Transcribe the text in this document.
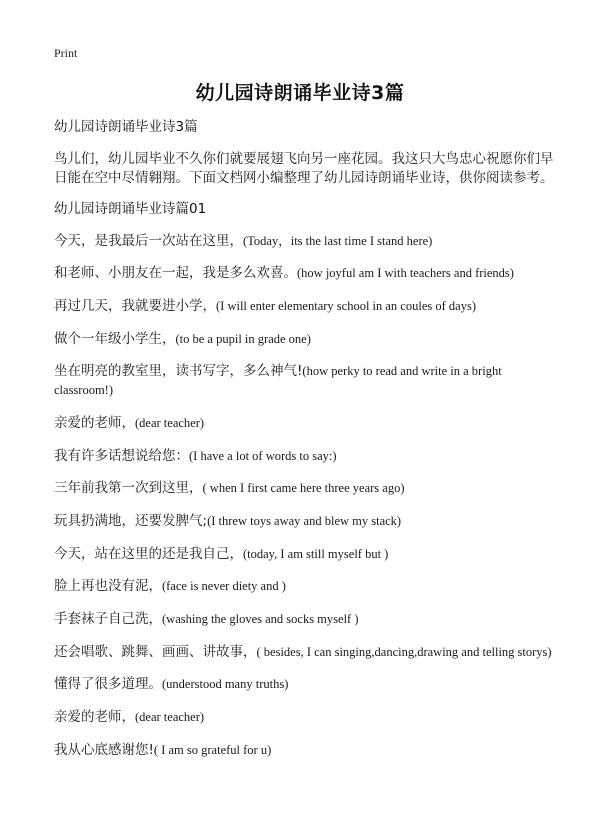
Print
幼儿园诗朗诵毕业诗3篇
幼儿园诗朗诵毕业诗3篇
鸟儿们，幼儿园毕业不久你们就要展翅飞向另一座花园。我这只大鸟忠心祝愿你们早日能在空中尽情翱翔。下面文档网小编整理了幼儿园诗朗诵毕业诗，供你阅读参考。
幼儿园诗朗诵毕业诗篇01
今天，是我最后一次站在这里，(Today，its the last time I stand here)
和老师、小朋友在一起，我是多么欢喜。(how joyful am I with teachers and friends)
再过几天，我就要进小学，(I will enter elementary school in an coules of days)
做个一年级小学生，(to be a pupil in grade one)
坐在明亮的教室里，读书写字，多么神气!(how perky to read and write in a bright classroom!)
亲爱的老师，(dear teacher)
我有许多话想说给您：(I have a lot of words to say:)
三年前我第一次到这里，( when I first came here three years ago)
玩具扔满地，还要发脾气;(I threw toys away and blew my stack)
今天，站在这里的还是我自己，(today, I am still myself but )
脸上再也没有泥，(face is never diety and )
手套袜子自己洗，(washing the gloves and socks myself )
还会唱歌、跳舞、画画、讲故事，( besides, I can singing,dancing,drawing and telling storys)
懂得了很多道理。(understood many truths)
亲爱的老师，(dear teacher)
我从心底感谢您!( I am so grateful for u)
